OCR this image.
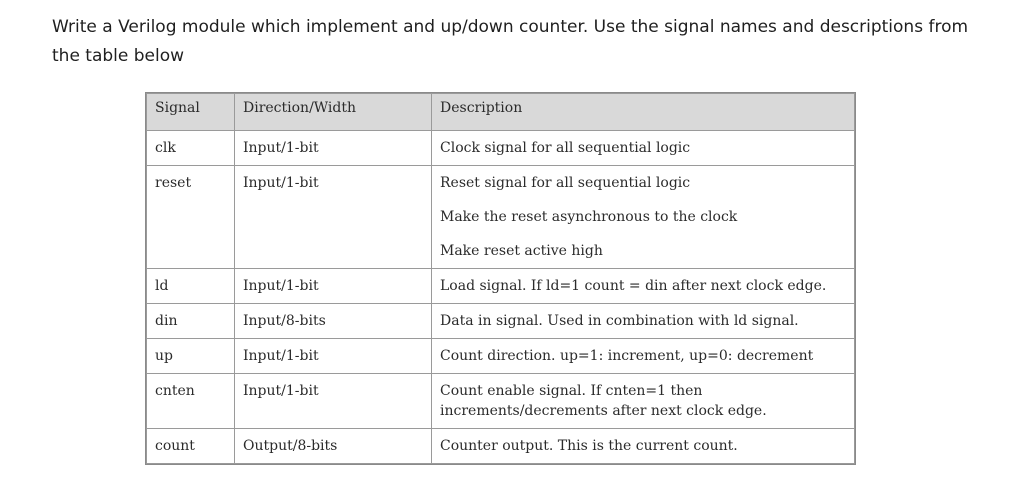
Write a Verilog module which implement and up/down counter. Use the signal names and descriptions from the table below

Signal	Direction/Width	Description
clk	Input/1-bit	Clock signal for all sequential logic
reset	Input/1-bit	Reset signal for all sequential logic
Make the reset asynchronous to the clock
Make reset active high

ld	Input/1-bit	Load signal. If ld=1 count = din after next clock edge.
din	Input/8-bits	Data in signal. Used in combination with ld signal.
up	Input/1-bit	Count direction. up=1: increment, up=0: decrement
cnten	Input/1-bit	Count enable signal. If cnten=1 then increments/decrements after next clock edge.
count	Output/8-bits	Counter output. This is the current count.
